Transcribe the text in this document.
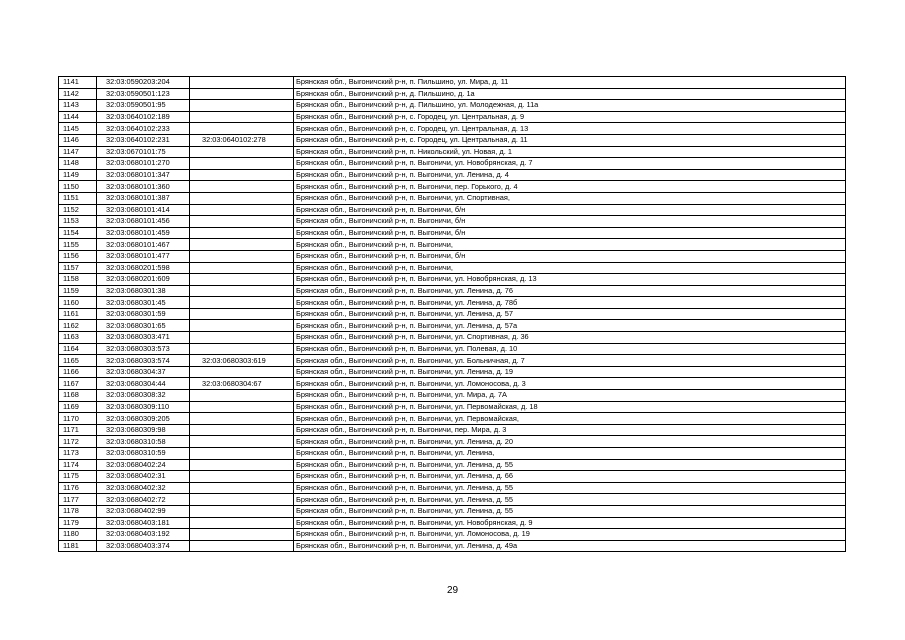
1141	32:03:0590203:204		Брянская обл., Выгоничский р-н, п. Пильшино, ул. Мира, д. 11
1142	32:03:0590501:123		Брянская обл., Выгоничский р-н, д. Пильшино, д. 1а
1143	32:03:0590501:95		Брянская обл., Выгоничский р-н, д. Пильшино, ул. Молодежная, д. 11а
1144	32:03:0640102:189		Брянская обл., Выгоничский р-н, с. Городец, ул. Центральная, д. 9
1145	32:03:0640102:233		Брянская обл., Выгоничский р-н, с. Городец, ул. Центральная, д. 13
1146	32:03:0640102:231	32:03:0640102:278	Брянская обл., Выгоничский р-н, с. Городец, ул. Центральная, д. 11
1147	32:03:0670101:75		Брянская обл., Выгоничский р-н, п. Никольский, ул. Новая, д. 1
1148	32:03:0680101:270		Брянская обл., Выгоничский р-н, п. Выгоничи, ул. Новобрянская, д. 7
1149	32:03:0680101:347		Брянская обл., Выгоничский р-н, п. Выгоничи, ул. Ленина, д. 4
1150	32:03:0680101:360		Брянская обл., Выгоничский р-н, п. Выгоничи, пер. Горького, д. 4
1151	32:03:0680101:387		Брянская обл., Выгоничский р-н, п. Выгоничи, ул. Спортивная,
1152	32:03:0680101:414		Брянская обл., Выгоничский р-н, п. Выгоничи, б/н
1153	32:03:0680101:456		Брянская обл., Выгоничский р-н, п. Выгоничи, б/н
1154	32:03:0680101:459		Брянская обл., Выгоничский р-н, п. Выгоничи, б/н
1155	32:03:0680101:467		Брянская обл., Выгоничский р-н, п. Выгоничи,
1156	32:03:0680101:477		Брянская обл., Выгоничский р-н, п. Выгоничи, б/н
1157	32:03:0680201:598		Брянская обл., Выгоничский р-н, п. Выгоничи,
1158	32:03:0680201:609		Брянская обл., Выгоничский р-н, п. Выгоничи, ул. Новобрянская, д. 13
1159	32:03:0680301:38		Брянская обл., Выгоничский р-н, п. Выгоничи, ул. Ленина, д. 76
1160	32:03:0680301:45		Брянская обл., Выгоничский р-н, п. Выгоничи, ул. Ленина, д. 78б
1161	32:03:0680301:59		Брянская обл., Выгоничский р-н, п. Выгоничи, ул. Ленина, д. 57
1162	32:03:0680301:65		Брянская обл., Выгоничский р-н, п. Выгоничи, ул. Ленина, д. 57а
1163	32:03:0680303:471		Брянская обл., Выгоничский р-н, п. Выгоничи, ул. Спортивная, д. 36
1164	32:03:0680303:573		Брянская обл., Выгоничский р-н, п. Выгоничи, ул. Полевая, д. 10
1165	32:03:0680303:574	32:03:0680303:619	Брянская обл., Выгоничский р-н, п. Выгоничи, ул. Больничная, д. 7
1166	32:03:0680304:37		Брянская обл., Выгоничский р-н, п. Выгоничи, ул. Ленина, д. 19
1167	32:03:0680304:44	32:03:0680304:67	Брянская обл., Выгоничский р-н, п. Выгоничи, ул. Ломоносова, д. 3
1168	32:03:0680308:32		Брянская обл., Выгоничский р-н, п. Выгоничи, ул. Мира, д. 7А
1169	32:03:0680309:110		Брянская обл., Выгоничский р-н, п. Выгоничи, ул. Первомайская, д. 18
1170	32:03:0680309:205		Брянская обл., Выгоничский р-н, п. Выгоничи, ул. Первомайская,
1171	32:03:0680309:98		Брянская обл., Выгоничский р-н, п. Выгоничи, пер. Мира, д. 3
1172	32:03:0680310:58		Брянская обл., Выгоничский р-н, п. Выгоничи, ул. Ленина, д. 20
1173	32:03:0680310:59		Брянская обл., Выгоничский р-н, п. Выгоничи, ул. Ленина,
1174	32:03:0680402:24		Брянская обл., Выгоничский р-н, п. Выгоничи, ул. Ленина, д. 55
1175	32:03:0680402:31		Брянская обл., Выгоничский р-н, п. Выгоничи, ул. Ленина, д. 66
1176	32:03:0680402:32		Брянская обл., Выгоничский р-н, п. Выгоничи, ул. Ленина, д. 55
1177	32:03:0680402:72		Брянская обл., Выгоничский р-н, п. Выгоничи, ул. Ленина, д. 55
1178	32:03:0680402:99		Брянская обл., Выгоничский р-н, п. Выгоничи, ул. Ленина, д. 55
1179	32:03:0680403:181		Брянская обл., Выгоничский р-н, п. Выгоничи, ул. Новобрянская, д. 9
1180	32:03:0680403:192		Брянская обл., Выгоничский р-н, п. Выгоничи, ул. Ломоносова, д. 19
1181	32:03:0680403:374		Брянская обл., Выгоничский р-н, п. Выгоничи, ул. Ленина, д. 49а
29
